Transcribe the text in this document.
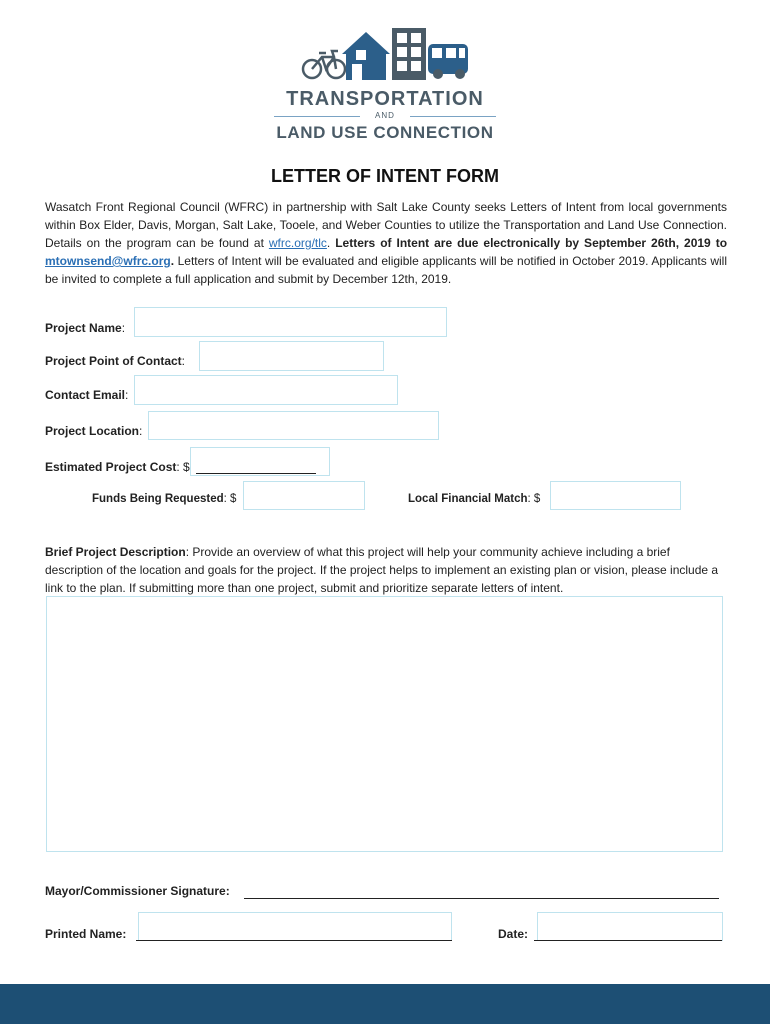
TRANSPORTATION
AND
LAND USE CONNECTION
LETTER OF INTENT FORM
Wasatch Front Regional Council (WFRC) in partnership with Salt Lake County seeks Letters of Intent from local governments within Box Elder, Davis, Morgan, Salt Lake, Tooele, and Weber Counties to utilize the Transportation and Land Use Connection. Details on the program can be found at wfrc.org/tlc. Letters of Intent are due electronically by September 26th, 2019 to mtownsend@wfrc.org. Letters of Intent will be evaluated and eligible applicants will be notified in October 2019. Applicants will be invited to complete a full application and submit by December 12th, 2019.
Project Name:
Project Point of Contact:
Contact Email:
Project Location:
Estimated Project Cost: $
Funds Being Requested: $	Local Financial Match: $
Brief Project Description: Provide an overview of what this project will help your community achieve including a brief description of the location and goals for the project. If the project helps to implement an existing plan or vision, please include a link to the plan. If submitting more than one project, submit and prioritize separate letters of intent.
Mayor/Commissioner Signature:
Printed Name:	Date:
